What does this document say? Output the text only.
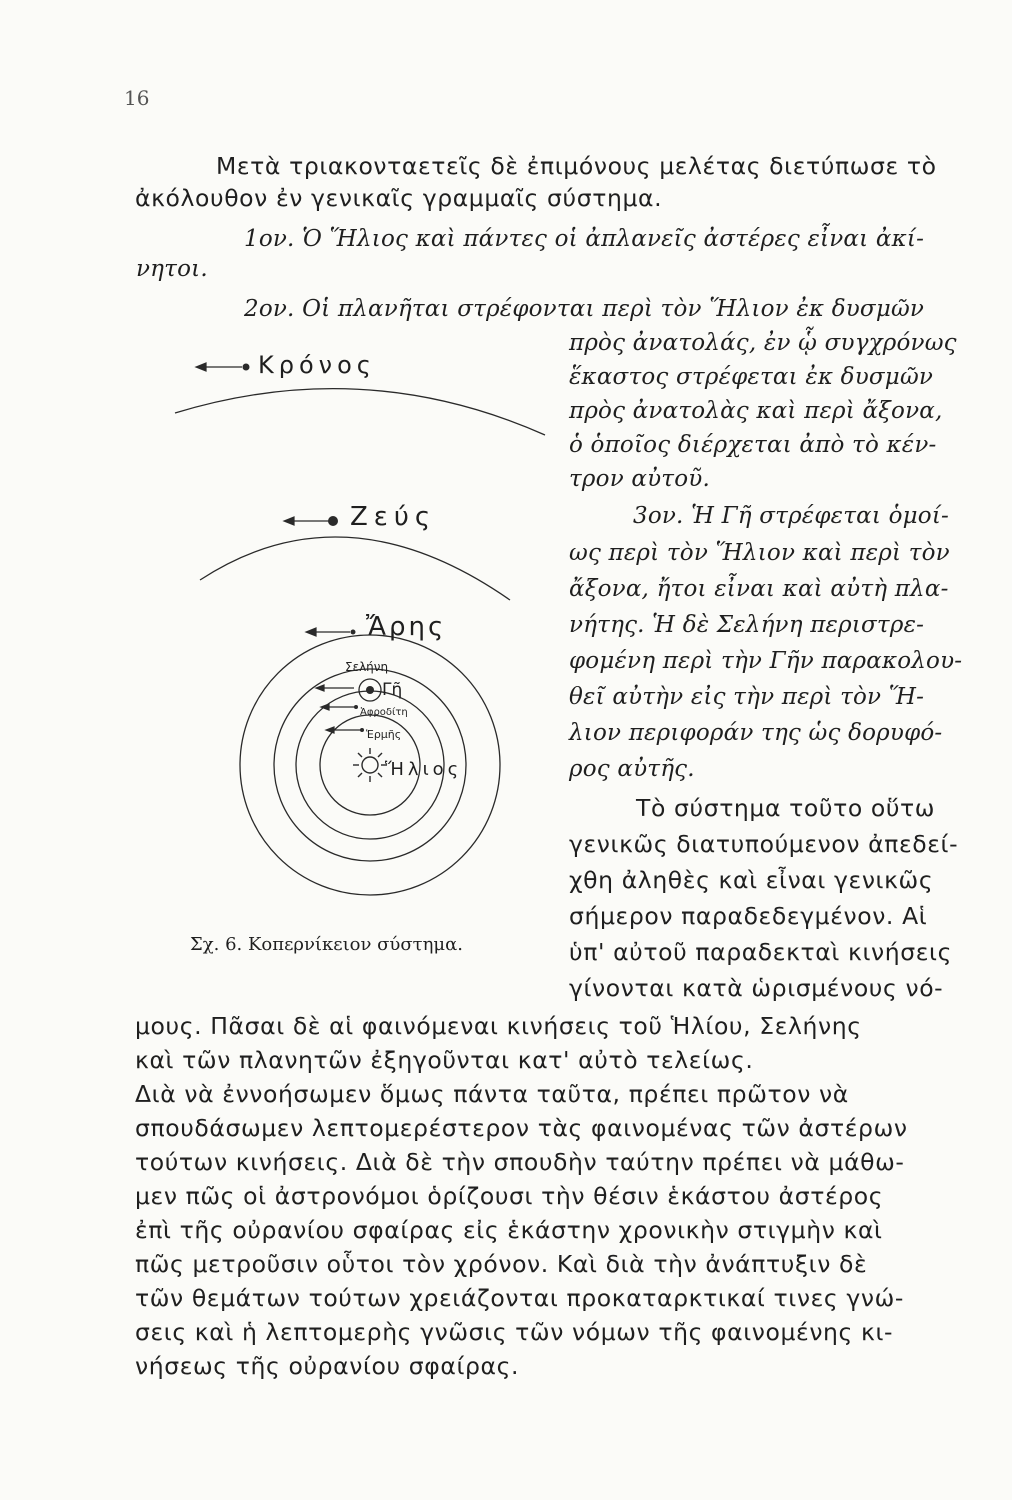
16
Μετὰ τριακονταετεῖς δὲ ἐπιμόνους μελέτας διετύπωσε τὸ
ἀκόλουθον ἐν γενικαῖς γραμμαῖς σύστημα.
1ον. Ὁ Ἥλιος καὶ πάντες οἱ ἀπλανεῖς ἀστέρες εἶναι ἀκί-
νητοι.
2ον. Οἱ πλανῆται στρέφονται περὶ τὸν Ἥλιον ἐκ δυσμῶν
πρὸς ἀνατολάς, ἐν ᾧ συγχρόνως
ἕκαστος στρέφεται ἐκ δυσμῶν
πρὸς ἀνατολὰς καὶ περὶ ἄξονα,
ὁ ὁποῖος διέρχεται ἀπὸ τὸ κέν-
τρον αὐτοῦ.
3ον. Ἡ Γῆ στρέφεται ὁμοί-
ως περὶ τὸν Ἥλιον καὶ περὶ τὸν
ἄξονα, ἤτοι εἶναι καὶ αὐτὴ πλα-
νήτης. Ἡ δὲ Σελήνη περιστρε-
φομένη περὶ τὴν Γῆν παρακολου-
θεῖ αὐτὴν εἰς τὴν περὶ τὸν Ἥ-
λιον περιφοράν της ὡς δορυφό-
ρος αὐτῆς.
Τὸ σύστημα τοῦτο οὕτω
γενικῶς διατυπούμενον ἀπεδεί-
χθη ἀληθὲς καὶ εἶναι γενικῶς
σήμερον παραδεδεγμένον. Αἱ
ὑπ' αὐτοῦ παραδεκταὶ κινήσεις
γίνονται κατὰ ὡρισμένους νό-
μους. Πᾶσαι δὲ αἱ φαινόμεναι κινήσεις τοῦ Ἡλίου, Σελήνης
καὶ τῶν πλανητῶν ἐξηγοῦνται κατ' αὐτὸ τελείως.
Διὰ νὰ ἐννοήσωμεν ὅμως πάντα ταῦτα, πρέπει πρῶτον νὰ
σπουδάσωμεν λεπτομερέστερον τὰς φαινομένας τῶν ἀστέρων
τούτων κινήσεις. Διὰ δὲ τὴν σπουδὴν ταύτην πρέπει νὰ μάθω-
μεν πῶς οἱ ἀστρονόμοι ὁρίζουσι τὴν θέσιν ἑκάστου ἀστέρος
ἐπὶ τῆς οὐρανίου σφαίρας εἰς ἑκάστην χρονικὴν στιγμὴν καὶ
πῶς μετροῦσιν οὗτοι τὸν χρόνον. Καὶ διὰ τὴν ἀνάπτυξιν δὲ
τῶν θεμάτων τούτων χρειάζονται προκαταρκτικαί τινες γνώ-
σεις καὶ ἡ λεπτομερὴς γνῶσις τῶν νόμων τῆς φαινομένης κι-
νήσεως τῆς οὐρανίου σφαίρας.
Κρόνος
Ζεύς
Ἄρης
Σελήνη
Γῆ
Ἀφροδίτη
Ἑρμῆς
Ἥλιος
Σχ. 6. Κοπερνίκειον σύστημα.
